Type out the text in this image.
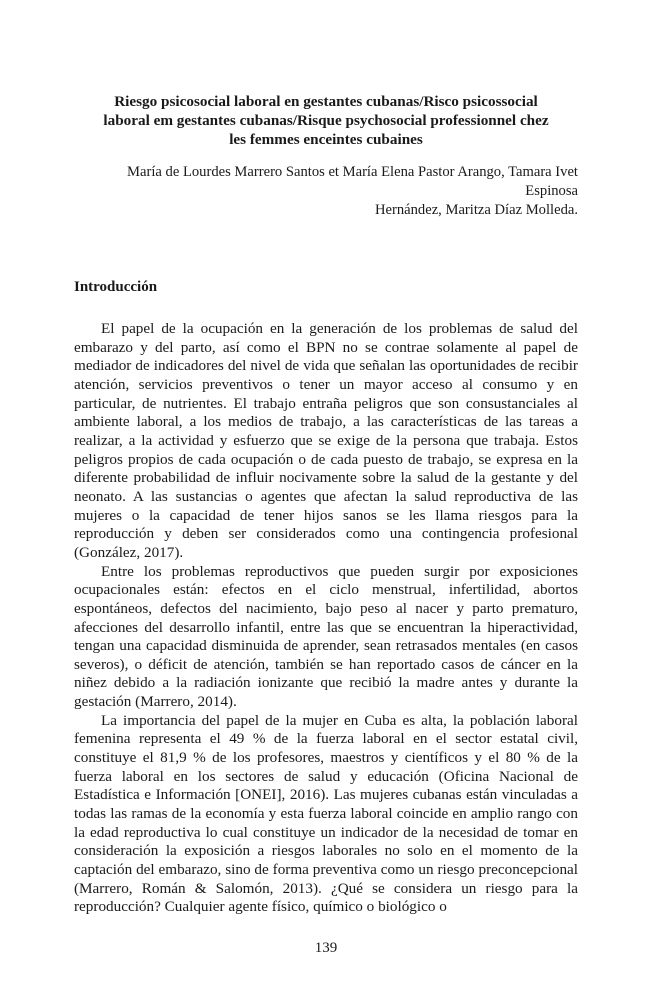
Riesgo psicosocial laboral en gestantes cubanas/Risco psicossocial
laboral em gestantes cubanas/Risque psychosocial professionnel chez
les femmes enceintes cubaines
María de Lourdes Marrero Santos et María Elena Pastor Arango, Tamara Ivet
Espinosa
Hernández, Maritza Díaz Molleda.
Introducción

El papel de la ocupación en la generación de los problemas de salud del embarazo y del parto, así como el BPN no se contrae solamente al papel de mediador de indicadores del nivel de vida que señalan las oportunidades de recibir atención, servicios preventivos o tener un mayor acceso al consumo y en particular, de nutrientes. El trabajo entraña peligros que son consustanciales al ambiente laboral, a los medios de trabajo, a las características de las tareas a realizar, a la actividad y esfuerzo que se exige de la persona que trabaja. Estos peligros propios de cada ocupación o de cada puesto de trabajo, se expresa en la diferente probabilidad de influir nocivamente sobre la salud de la gestante y del neonato. A las sustancias o agentes que afectan la salud reproductiva de las mujeres o la capacidad de tener hijos sanos se les llama riesgos para la reproducción y deben ser considerados como una contingencia profesional (González, 2017).

Entre los problemas reproductivos que pueden surgir por exposiciones ocupacionales están: efectos en el ciclo menstrual, infertilidad, abortos espontáneos, defectos del nacimiento, bajo peso al nacer y parto prematuro, afecciones del desarrollo infantil, entre las que se encuentran la hiperactividad, tengan una capacidad disminuida de aprender, sean retrasados mentales (en casos severos), o déficit de atención, también se han reportado casos de cáncer en la niñez debido a la radiación ionizante que recibió la madre antes y durante la gestación (Marrero, 2014).

La importancia del papel de la mujer en Cuba es alta, la población laboral femenina representa el 49 % de la fuerza laboral en el sector estatal civil, constituye el 81,9 % de los profesores, maestros y científicos y el 80 % de la fuerza laboral en los sectores de salud y educación (Oficina Nacional de Estadística e Información [ONEI], 2016). Las mujeres cubanas están vinculadas a todas las ramas de la economía y esta fuerza laboral coincide en amplio rango con la edad reproductiva lo cual constituye un indicador de la necesidad de tomar en consideración la exposición a riesgos laborales no solo en el momento de la captación del embarazo, sino de forma preventiva como un riesgo preconcepcional (Marrero, Román & Salomón, 2013). ¿Qué se considera un riesgo para la reproducción? Cualquier agente físico, químico o biológico o

139
